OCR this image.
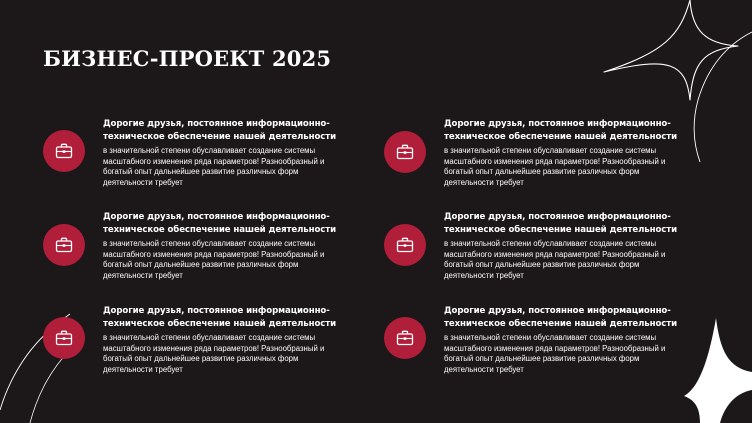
БИЗНЕС-ПРОЕКТ 2025

Дорогие друзья, постоянное информационно-техническое обеспечение нашей деятельности

в значительной степени обуславливает создание системы масштабного изменения ряда параметров! Разнообразный и богатый опыт дальнейшее развитие различных форм деятельности требует

Дорогие друзья, постоянное информационно-техническое обеспечение нашей деятельности

в значительной степени обуславливает создание системы масштабного изменения ряда параметров! Разнообразный и богатый опыт дальнейшее развитие различных форм деятельности требует

Дорогие друзья, постоянное информационно-техническое обеспечение нашей деятельности

в значительной степени обуславливает создание системы масштабного изменения ряда параметров! Разнообразный и богатый опыт дальнейшее развитие различных форм деятельности требует

Дорогие друзья, постоянное информационно-техническое обеспечение нашей деятельности

в значительной степени обуславливает создание системы масштабного изменения ряда параметров! Разнообразный и богатый опыт дальнейшее развитие различных форм деятельности требует

Дорогие друзья, постоянное информационно-техническое обеспечение нашей деятельности

в значительной степени обуславливает создание системы масштабного изменения ряда параметров! Разнообразный и богатый опыт дальнейшее развитие различных форм деятельности требует

Дорогие друзья, постоянное информационно-техническое обеспечение нашей деятельности

в значительной степени обуславливает создание системы масштабного изменения ряда параметров! Разнообразный и богатый опыт дальнейшее развитие различных форм деятельности требует
